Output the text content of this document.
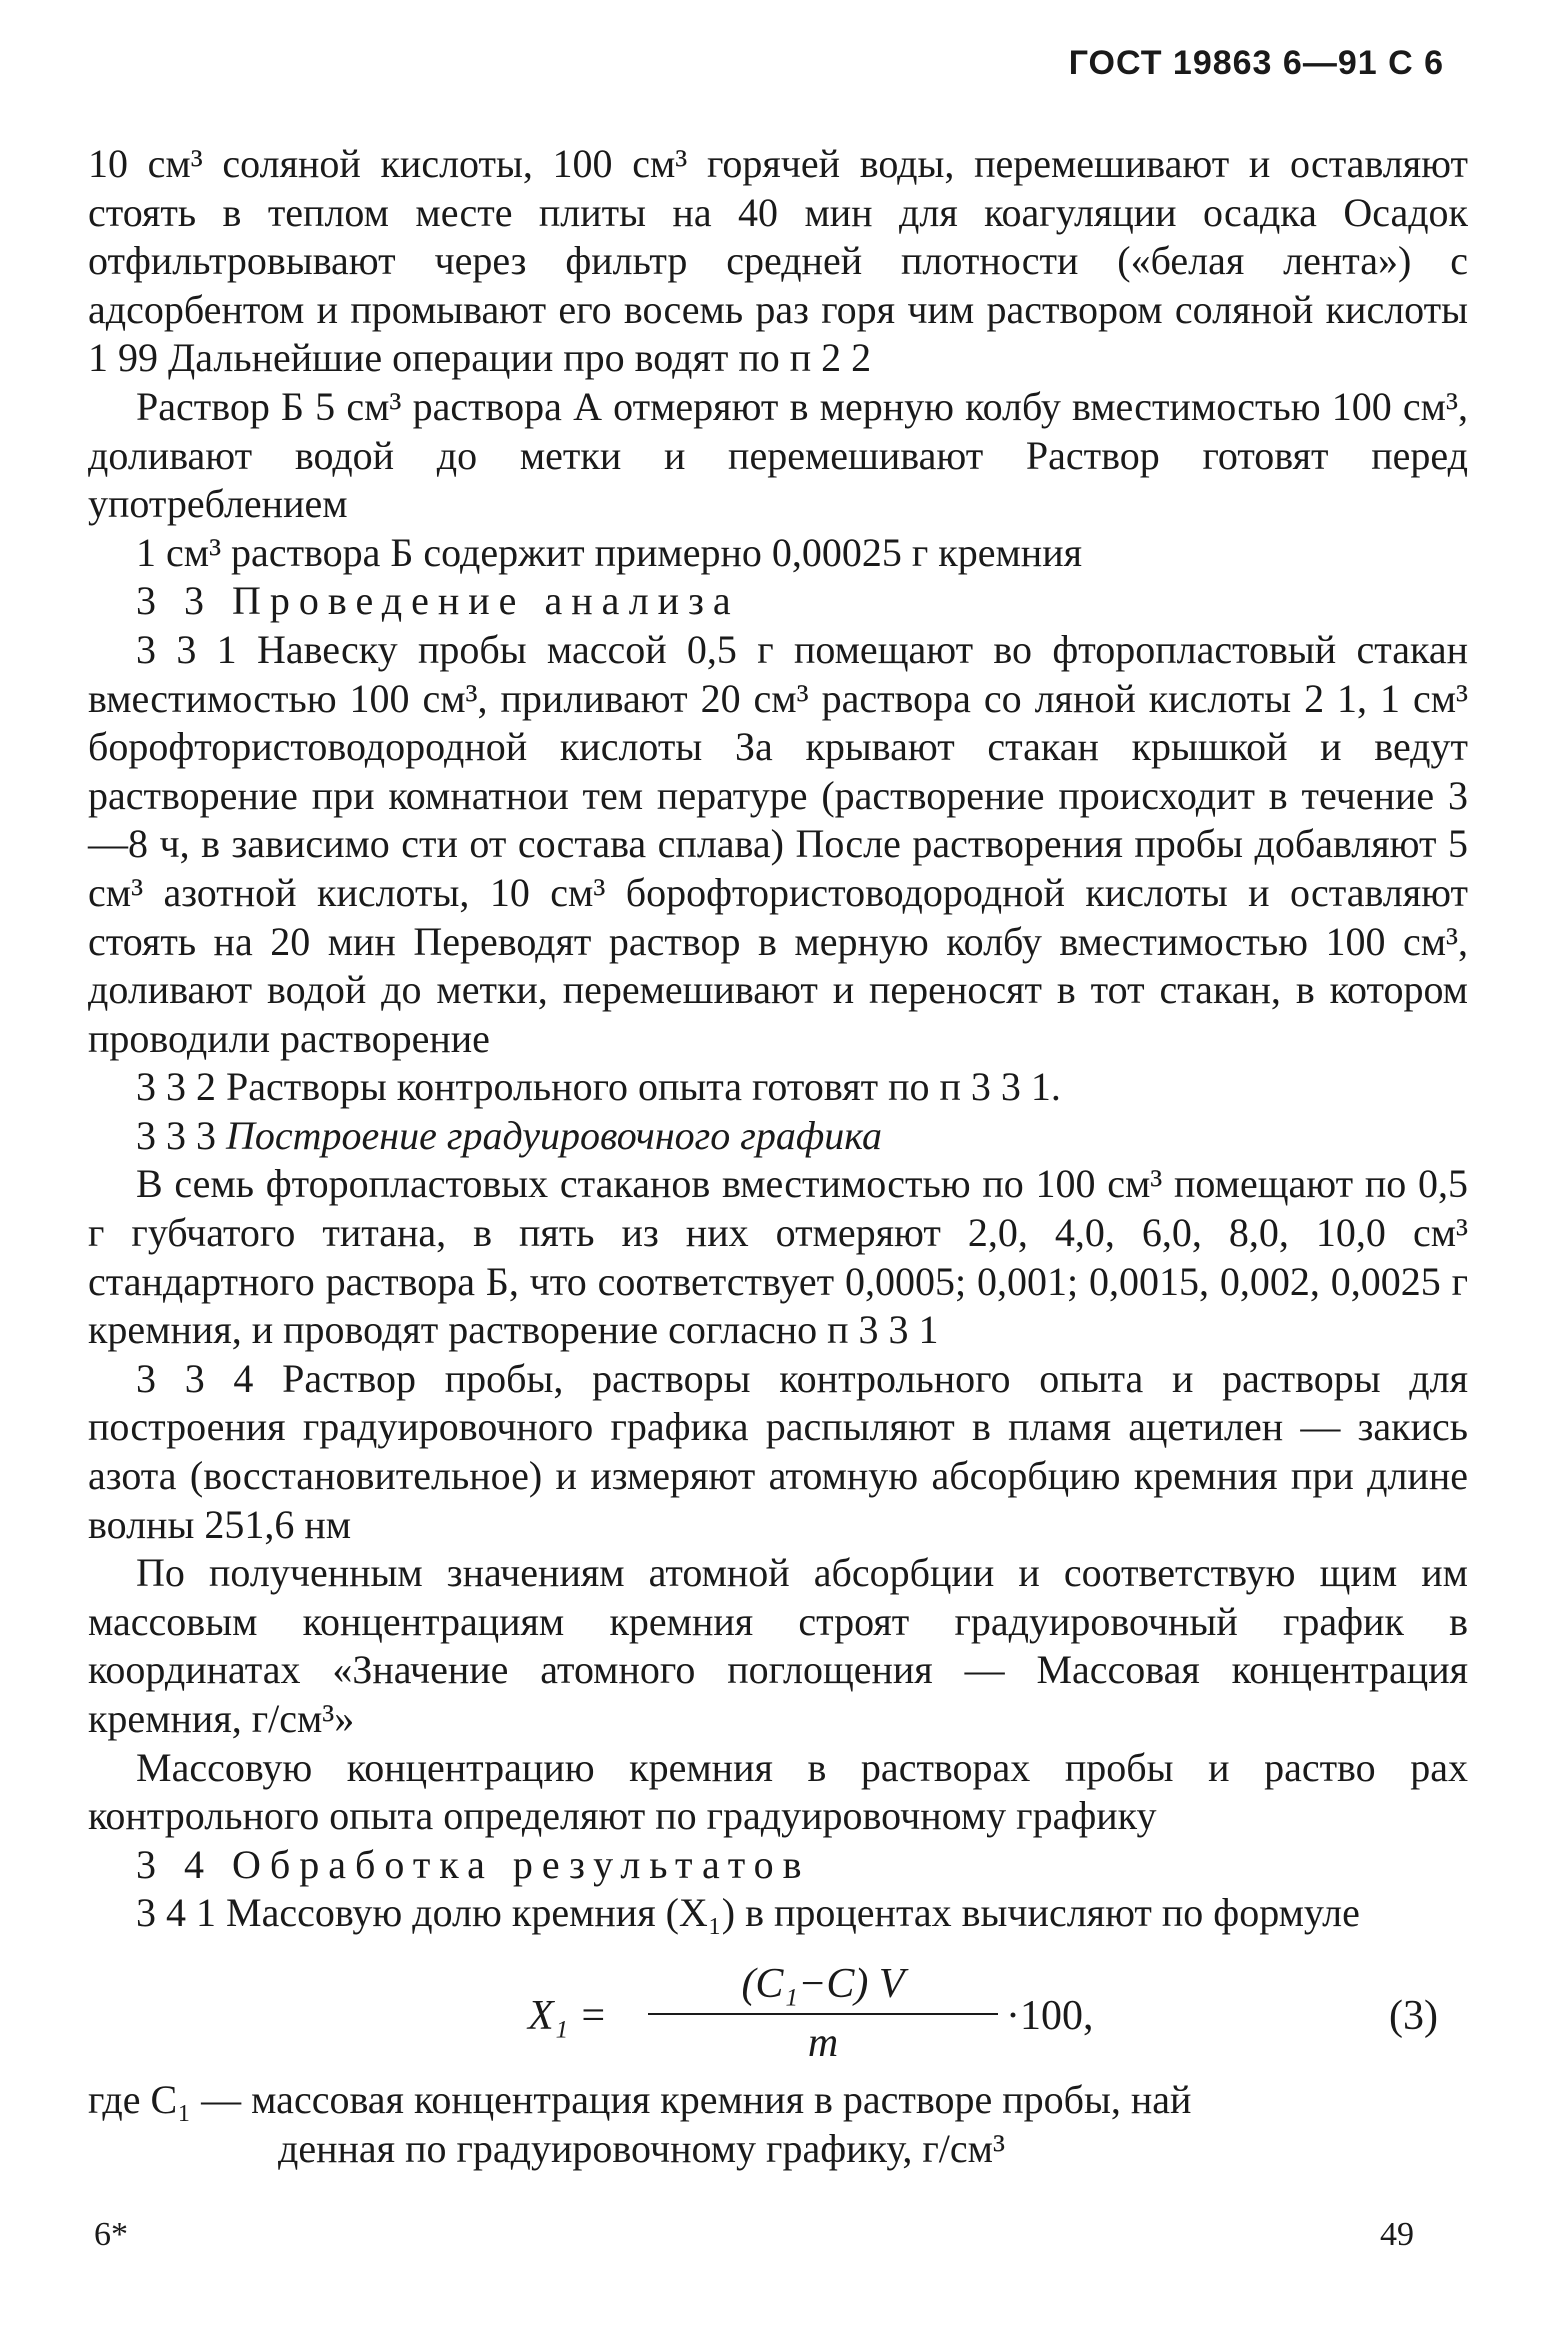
ГОСТ 19863 6—91 С 6

10 см³ соляной кислоты, 100 см³ горячей воды, перемешивают и оставляют стоять в теплом месте плиты на 40 мин для коагуляции осадка Осадок отфильтровывают через фильтр средней плотности («белая лента») с адсорбентом и промывают его восемь раз горя чим раствором соляной кислоты 1 99 Дальнейшие операции про водят по п 2 2

Раствор Б 5 см³ раствора А отмеряют в мерную колбу вместимостью 100 см³, доливают водой до метки и перемешивают Раствор готовят перед употреблением

1 см³ раствора Б содержит примерно 0,00025 г кремния

3 3 Проведение анализа

3 3 1 Навеску пробы массой 0,5 г помещают во фторопластовый стакан вместимостью 100 см³, приливают 20 см³ раствора со ляной кислоты 2 1, 1 см³ борофтористоводородной кислоты За крывают стакан крышкой и ведут растворение при комнатнои тем пературе (растворение происходит в течение 3—8 ч, в зависимо сти от состава сплава) После растворения пробы добавляют 5 см³ азотной кислоты, 10 см³ борофтористоводородной кислоты и оставляют стоять на 20 мин Переводят раствор в мерную колбу вместимостью 100 см³, доливают водой до метки, перемешивают и переносят в тот стакан, в котором проводили растворение

3 3 2 Растворы контрольного опыта готовят по п 3 3 1.

3 3 3 Построение градуировочного графика

В семь фторопластовых стаканов вместимостью по 100 см³ помещают по 0,5 г губчатого титана, в пять из них отмеряют 2,0, 4,0, 6,0, 8,0, 10,0 см³ стандартного раствора Б, что соответствует 0,0005; 0,001; 0,0015, 0,002, 0,0025 г кремния, и проводят растворение согласно п 3 3 1

3 3 4 Раствор пробы, растворы контрольного опыта и растворы для построения градуировочного графика распыляют в пламя ацетилен — закись азота (восстановительное) и измеряют атомную абсорбцию кремния при длине волны 251,6 нм

По полученным значениям атомной абсорбции и соответствую щим им массовым концентрациям кремния строят градуировочный график в координатах «Значение атомного поглощения — Массовая концентрация кремния, г/см³»

Массовую концентрацию кремния в растворах пробы и раство рах контрольного опыта определяют по градуировочному графику

3 4 Обработка результатов

3 4 1 Массовую долю кремния (X₁) в процентах вычисляют по формуле

$X_1 = \frac{\text{(C₁−C) V}}{m} \cdot 100$,	(3)

где C₁ — массовая концентрация кремния в растворе пробы, най

денная по градуировочному графику, г/см³

6*	49
